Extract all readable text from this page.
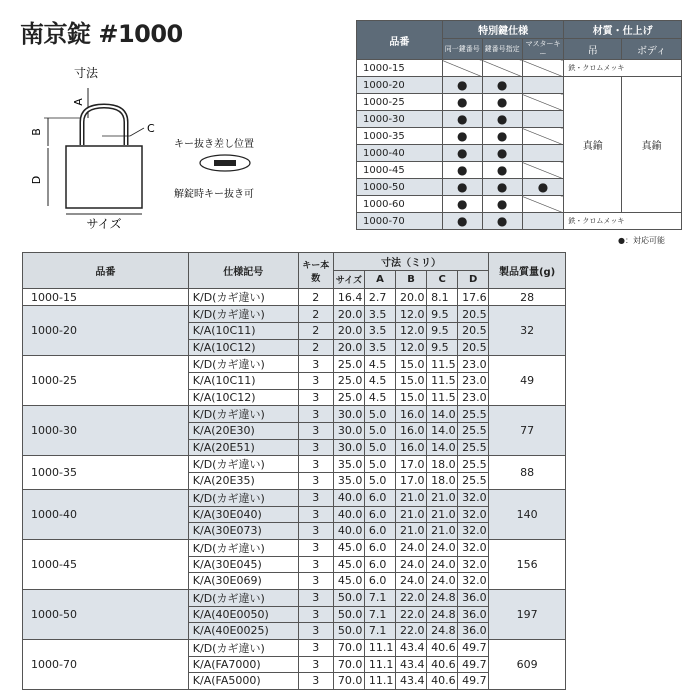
南京錠 #1000
寸法
A
B	C
D
サイズ
キー抜き差し位置
解錠時キー抜き可
品番	特別鍵仕様			材質・仕上げ	
	同一鍵番号	鍵番号指定	マスターキー	吊	ボディ
1000-15				鉄・クロムメッキ	
1000-20	●	●		真鍮	真鍮
1000-25	●	●			
1000-30	●	●			
1000-35	●	●			
1000-40	●	●			
1000-45	●	●			
1000-50	●	●	●		
1000-60	●	●			
1000-70	●	●		鉄・クロムメッキ	
●：対応可能
品番	仕様記号	キー本数	寸法（ミリ）					製品質量(g)
			サイズ	A	B	C	D	
1000-15	K/D(カギ違い)	2	16.4	2.7	20.0	8.1	17.6	28
1000-20	K/D(カギ違い)	2	20.0	3.5	12.0	9.5	20.5	32
	K/A(10C11)	2	20.0	3.5	12.0	9.5	20.5	
	K/A(10C12)	2	20.0	3.5	12.0	9.5	20.5	
1000-25	K/D(カギ違い)	3	25.0	4.5	15.0	11.5	23.0	49
	K/A(10C11)	3	25.0	4.5	15.0	11.5	23.0	
	K/A(10C12)	3	25.0	4.5	15.0	11.5	23.0	
1000-30	K/D(カギ違い)	3	30.0	5.0	16.0	14.0	25.5	77
	K/A(20E30)	3	30.0	5.0	16.0	14.0	25.5	
	K/A(20E51)	3	30.0	5.0	16.0	14.0	25.5	
1000-35	K/D(カギ違い)	3	35.0	5.0	17.0	18.0	25.5	88
	K/A(20E35)	3	35.0	5.0	17.0	18.0	25.5	
1000-40	K/D(カギ違い)	3	40.0	6.0	21.0	21.0	32.0	140
	K/A(30E040)	3	40.0	6.0	21.0	21.0	32.0	
	K/A(30E073)	3	40.0	6.0	21.0	21.0	32.0	
1000-45	K/D(カギ違い)	3	45.0	6.0	24.0	24.0	32.0	156
	K/A(30E045)	3	45.0	6.0	24.0	24.0	32.0	
	K/A(30E069)	3	45.0	6.0	24.0	24.0	32.0	
1000-50	K/D(カギ違い)	3	50.0	7.1	22.0	24.8	36.0	197
	K/A(40E0050)	3	50.0	7.1	22.0	24.8	36.0	
	K/A(40E0025)	3	50.0	7.1	22.0	24.8	36.0	
1000-70	K/D(カギ違い)	3	70.0	11.1	43.4	40.6	49.7	609
	K/A(FA7000)	3	70.0	11.1	43.4	40.6	49.7	
	K/A(FA5000)	3	70.0	11.1	43.4	40.6	49.7	
